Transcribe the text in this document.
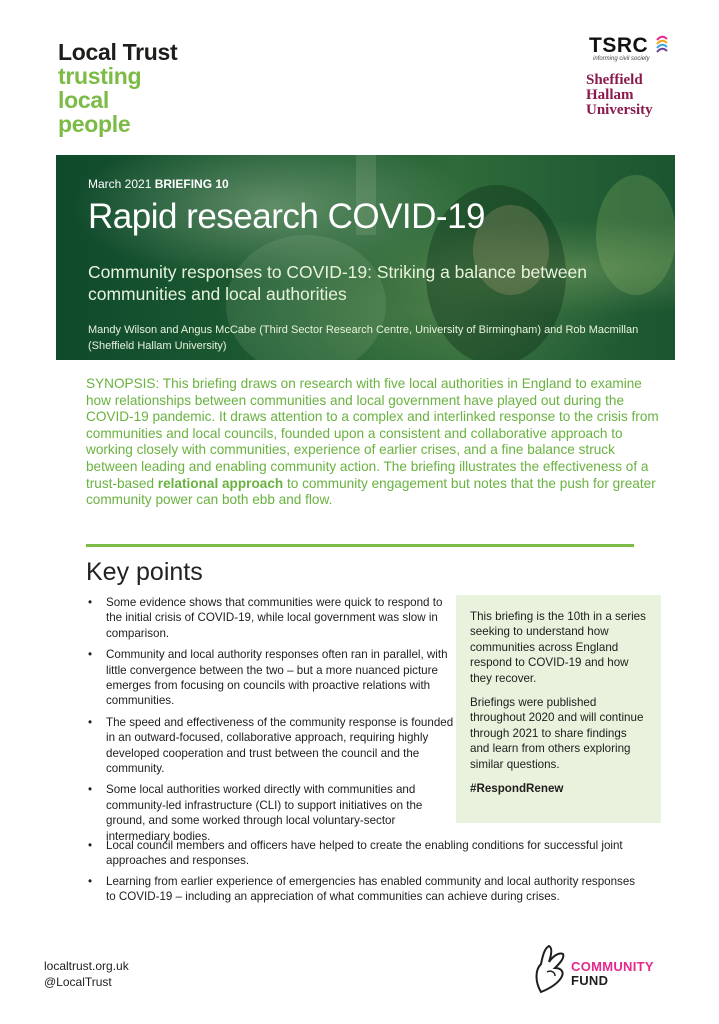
Local Trust
trusting
local
people
TSRC
informing civil society
Sheffield
Hallam
University
March 2021 BRIEFING 10
Rapid research COVID-19
Community responses to COVID-19: Striking a balance between communities and local authorities
Mandy Wilson and Angus McCabe (Third Sector Research Centre, University of Birmingham) and Rob Macmillan (Sheffield Hallam University)
SYNOPSIS: This briefing draws on research with five local authorities in England to examine how relationships between communities and local government have played out during the COVID-19 pandemic. It draws attention to a complex and interlinked response to the crisis from communities and local councils, founded upon a consistent and collaborative approach to working closely with communities, experience of earlier crises, and a fine balance struck between leading and enabling community action. The briefing illustrates the effectiveness of a trust-based relational approach to community engagement but notes that the push for greater community power can both ebb and flow.
Key points
• Some evidence shows that communities were quick to respond to the initial crisis of COVID-19, while local government was slow in comparison.
• Community and local authority responses often ran in parallel, with little convergence between the two – but a more nuanced picture emerges from focusing on councils with proactive relations with communities.
• The speed and effectiveness of the community response is founded in an outward-focused, collaborative approach, requiring highly developed cooperation and trust between the council and the community.
• Some local authorities worked directly with communities and community-led infrastructure (CLI) to support initiatives on the ground, and some worked through local voluntary-sector intermediary bodies.

This briefing is the 10th in a series seeking to understand how communities across England respond to COVID-19 and how they recover.

Briefings were published throughout 2020 and will continue through 2021 to share findings and learn from others exploring similar questions.

#RespondRenew

• Local council members and officers have helped to create the enabling conditions for successful joint approaches and responses.
• Learning from earlier experience of emergencies has enabled community and local authority responses to COVID-19 – including an appreciation of what communities can achieve during crises.
localtrust.org.uk
@LocalTrust
COMMUNITY
FUND
